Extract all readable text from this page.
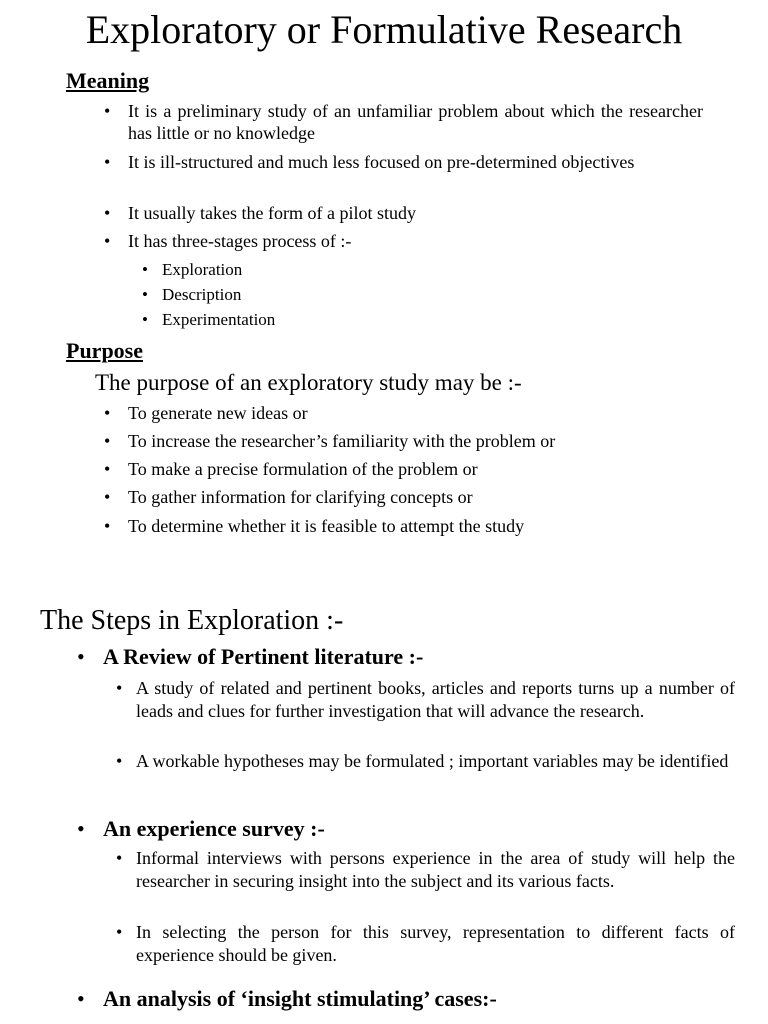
Exploratory or Formulative Research
Meaning
• It is a preliminary study of an unfamiliar problem about which the researcher has little or no knowledge
• It is ill-structured and much less focused on pre-determined objectives
• It usually takes the form of a pilot study
• It has three-stages process of :-
• Exploration
• Description
• Experimentation
Purpose
The purpose of an exploratory study may be :-
• To generate new ideas or
• To increase the researcher’s familiarity with the problem or
• To make a precise formulation of the problem or
• To gather information for clarifying concepts or
• To determine whether it is feasible to attempt the study
The Steps in Exploration :-
• A Review of Pertinent literature :-
• A study of related and pertinent books, articles and reports turns up a number of leads and clues for further investigation that will advance the research.
• A workable hypotheses may be formulated ; important variables may be identified
• An experience survey :-
• Informal interviews with persons experience in the area of study will help the researcher in securing insight into the subject and its various facts.
• In selecting the person for this survey, representation to different facts of experience should be given.
• An analysis of ‘insight stimulating’ cases:-
